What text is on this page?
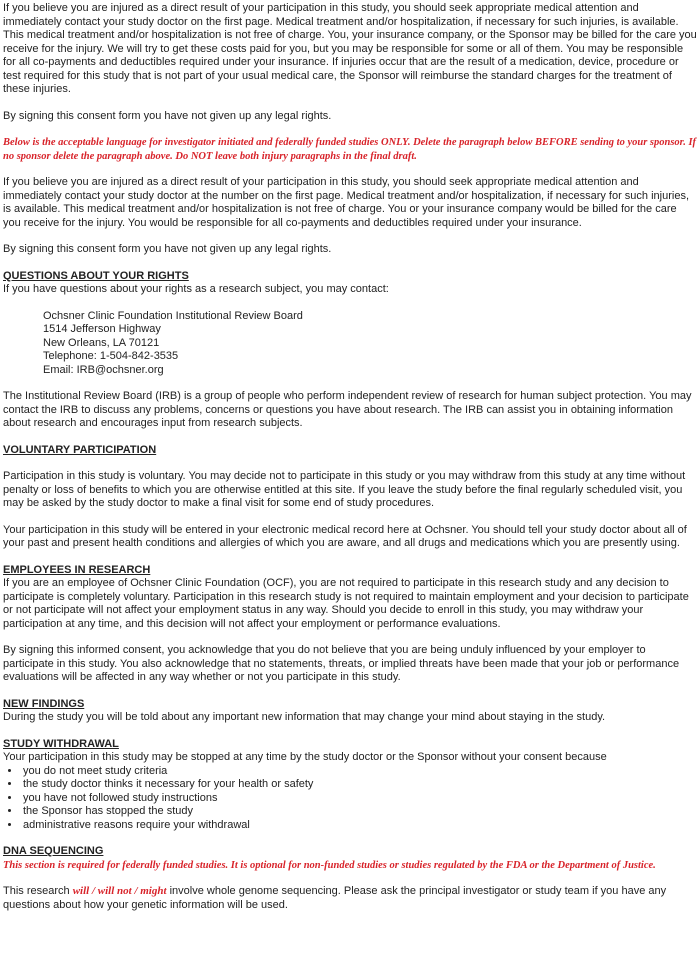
If you believe you are injured as a direct result of your participation in this study, you should seek appropriate medical attention and immediately contact your study doctor on the first page. Medical treatment and/or hospitalization, if necessary for such injuries, is available. This medical treatment and/or hospitalization is not free of charge. You, your insurance company, or the Sponsor may be billed for the care you receive for the injury. We will try to get these costs paid for you, but you may be responsible for some or all of them. You may be responsible for all co-payments and deductibles required under your insurance. If injuries occur that are the result of a medication, device, procedure or test required for this study that is not part of your usual medical care, the Sponsor will reimburse the standard charges for the treatment of these injuries.

By signing this consent form you have not given up any legal rights.

Below is the acceptable language for investigator initiated and federally funded studies ONLY. Delete the paragraph below BEFORE sending to your sponsor. If no sponsor delete the paragraph above. Do NOT leave both injury paragraphs in the final draft.

If you believe you are injured as a direct result of your participation in this study, you should seek appropriate medical attention and immediately contact your study doctor at the number on the first page. Medical treatment and/or hospitalization, if necessary for such injuries, is available. This medical treatment and/or hospitalization is not free of charge. You or your insurance company would be billed for the care you receive for the injury. You would be responsible for all co-payments and deductibles required under your insurance.

By signing this consent form you have not given up any legal rights.

QUESTIONS ABOUT YOUR RIGHTS

If you have questions about your rights as a research subject, you may contact:

Ochsner Clinic Foundation Institutional Review Board
1514 Jefferson Highway
New Orleans, LA 70121
Telephone: 1-504-842-3535
Email: IRB@ochsner.org

The Institutional Review Board (IRB) is a group of people who perform independent review of research for human subject protection. You may contact the IRB to discuss any problems, concerns or questions you have about research. The IRB can assist you in obtaining information about research and encourages input from research subjects.

VOLUNTARY PARTICIPATION

Participation in this study is voluntary. You may decide not to participate in this study or you may withdraw from this study at any time without penalty or loss of benefits to which you are otherwise entitled at this site. If you leave the study before the final regularly scheduled visit, you may be asked by the study doctor to make a final visit for some end of study procedures.

Your participation in this study will be entered in your electronic medical record here at Ochsner. You should tell your study doctor about all of your past and present health conditions and allergies of which you are aware, and all drugs and medications which you are presently using.

EMPLOYEES IN RESEARCH

If you are an employee of Ochsner Clinic Foundation (OCF), you are not required to participate in this research study and any decision to participate is completely voluntary. Participation in this research study is not required to maintain employment and your decision to participate or not participate will not affect your employment status in any way. Should you decide to enroll in this study, you may withdraw your participation at any time, and this decision will not affect your employment or performance evaluations.

By signing this informed consent, you acknowledge that you do not believe that you are being unduly influenced by your employer to participate in this study. You also acknowledge that no statements, threats, or implied threats have been made that your job or performance evaluations will be affected in any way whether or not you participate in this study.

NEW FINDINGS

During the study you will be told about any important new information that may change your mind about staying in the study.

STUDY WITHDRAWAL

Your participation in this study may be stopped at any time by the study doctor or the Sponsor without your consent because

• you do not meet study criteria
• the study doctor thinks it necessary for your health or safety
• you have not followed study instructions
• the Sponsor has stopped the study
• administrative reasons require your withdrawal
DNA SEQUENCING

This section is required for federally funded studies. It is optional for non-funded studies or studies regulated by the FDA or the Department of Justice.

This research will / will not / might involve whole genome sequencing. Please ask the principal investigator or study team if you have any questions about how your genetic information will be used.
